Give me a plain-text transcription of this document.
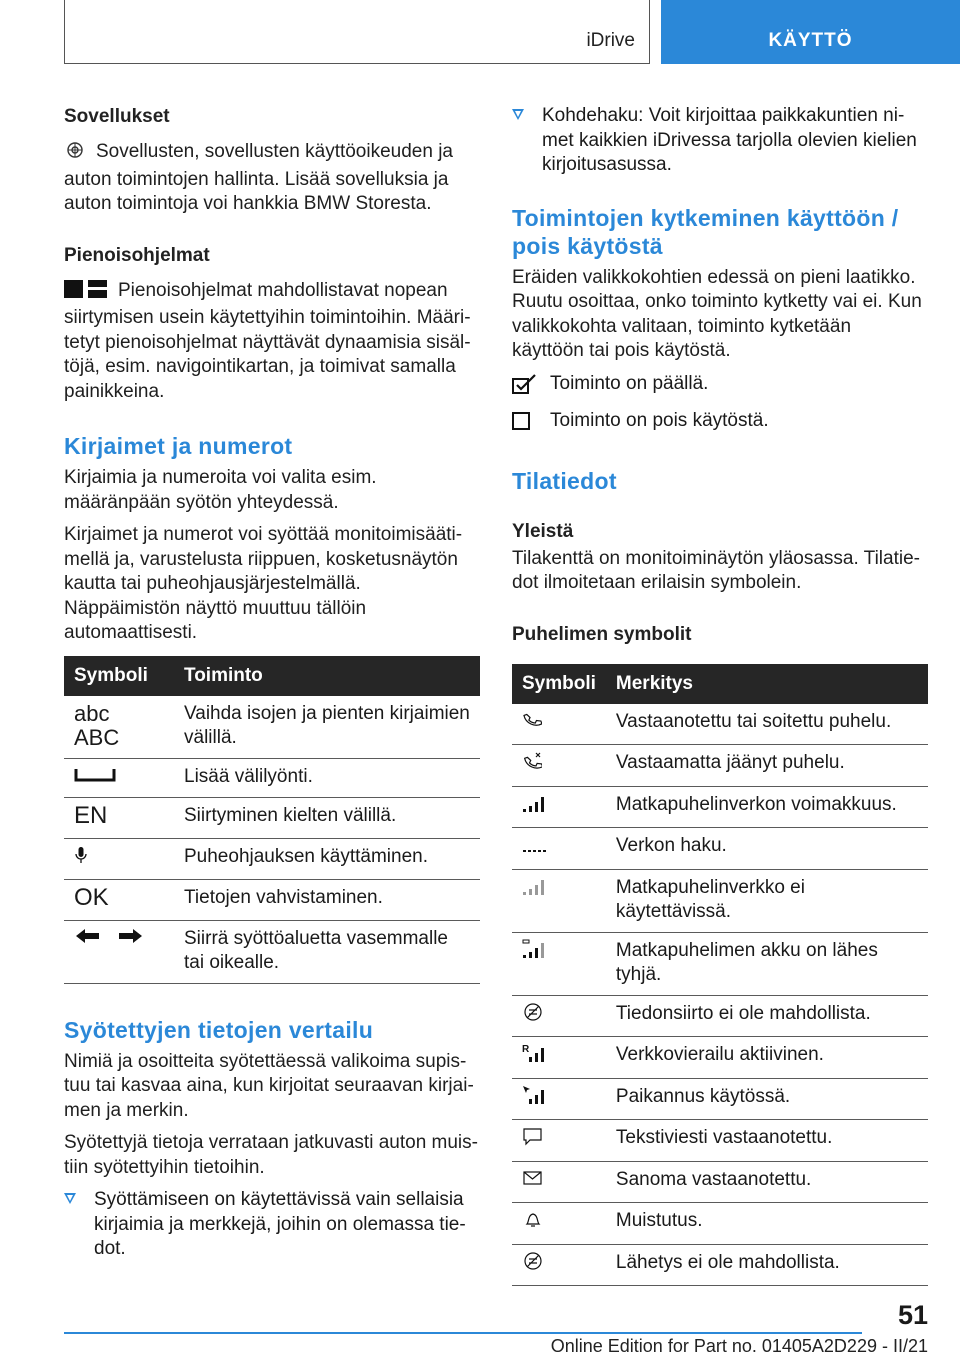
iDrive	KÄYTTÖ
Sovellukset

Sovellusten, sovellusten käyttöoikeuden ja auton toimintojen hallinta. Lisää sovelluksia ja auton toimintoja voi hankkia BMW Storesta.

Pienoisohjelmat

Pienoisohjelmat mahdollistavat nopean siirtymisen usein käytettyihin toimintoihin. Määritetyt pienoisohjelmat näyttävät dynaamisia sisältöjä, esim. navigointikartan, ja toimivat samalla painikkeina.

Kirjaimet ja numerot

Kirjaimia ja numeroita voi valita esim. määränpään syötön yhteydessä.

Kirjaimet ja numerot voi syöttää monitoimisäätimellä ja, varustelusta riippuen, kosketusnäytön kautta tai puheohjausjärjestelmällä. Näppäimistön näyttö muuttuu tällöin automaattisesti.

Symboli	Toiminto

abc
ABC	Vaihda isojen ja pienten kirjaimien välillä.
	Lisää välilyönti.
EN	Siirtyminen kielten välillä.
	Puheohjauksen käyttäminen.
OK	Tietojen vahvistaminen.
	Siirrä syöttöaluetta vasemmalle tai oikealle.
Syötettyjen tietojen vertailu

Nimiä ja osoitteita syötettäessä valikoima supistuu tai kasvaa aina, kun kirjoitat seuraavan kirjaimen ja merkin.

Syötettyjä tietoja verrataan jatkuvasti auton muistiin syötettyihin tietoihin.

Syöttämiseen on käytettävissä vain sellaisia kirjaimia ja merkkejä, joihin on olemassa tiedot.
Kohdehaku: Voit kirjoittaa paikkakuntien nimet kaikkien iDrivessa tarjolla olevien kielien kirjoitusasussa.
Toimintojen kytkeminen käyttöön / pois käytöstä

Eräiden valikkokohtien edessä on pieni laatikko. Ruutu osoittaa, onko toiminto kytketty vai ei. Kun valikkokohta valitaan, toiminto kytketään käyttöön tai pois käytöstä.

Toiminto on päällä.
Toiminto on pois käytöstä.
Tilatiedot
Yleistä

Tilakenttä on monitoiminäytön yläosassa. Tilatiedot ilmoitetaan erilaisin symbolein.

Puhelimen symbolit
Symboli	Merkitys
	Vastaanotettu tai soitettu puhelu.
	Vastaamatta jäänyt puhelu.
	Matkapuhelinverkon voimakkuus.
	Verkon haku.
	Matkapuhelinverkko ei käytettävissä.
	Matkapuhelimen akku on lähes tyhjä.
	Tiedonsiirto ei ole mahdollista.

R	Verkkovierailu aktiivinen.
	Paikannus käytössä.
	Tekstiviesti vastaanotettu.
	Sanoma vastaanotettu.
	Muistutus.
	Lähetys ei ole mahdollista.
51
Online Edition for Part no. 01405A2D229 - II/21
